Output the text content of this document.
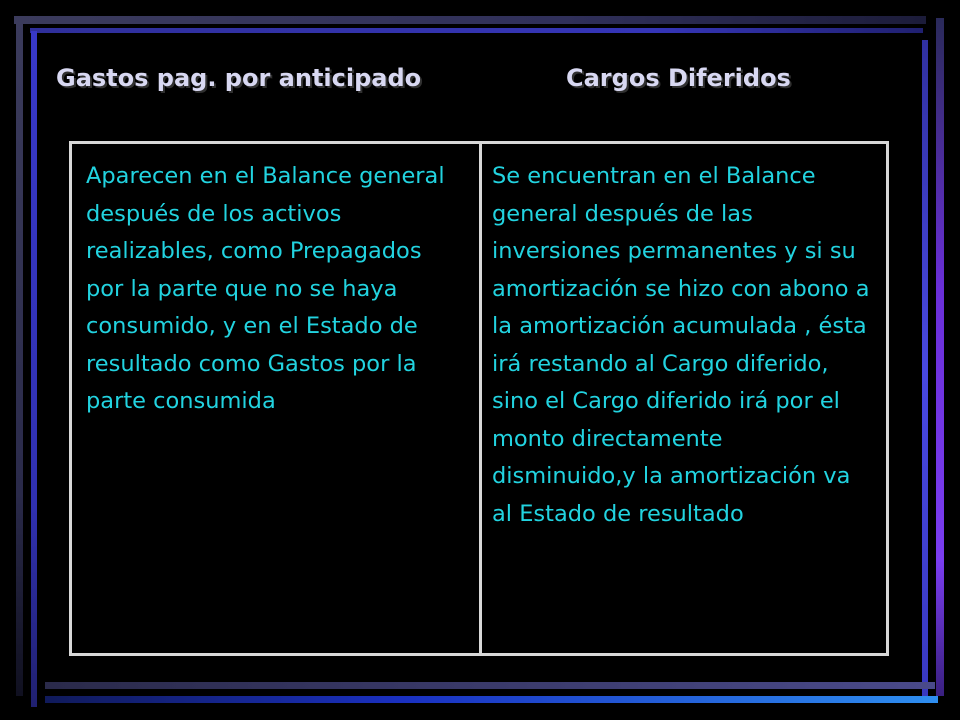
Gastos pag. por anticipado	Cargos Diferidos
Aparecen en el Balance general después de los activos realizables, como Prepagados por la parte que no se haya consumido, y en el Estado de resultado como Gastos por la parte consumida
Se encuentran en el Balance general después de las inversiones permanentes y si su amortización se hizo con abono a la amortización acumulada , ésta irá restando al Cargo diferido, sino el Cargo diferido irá por el monto directamente disminuido,y la amortización va al Estado de resultado
